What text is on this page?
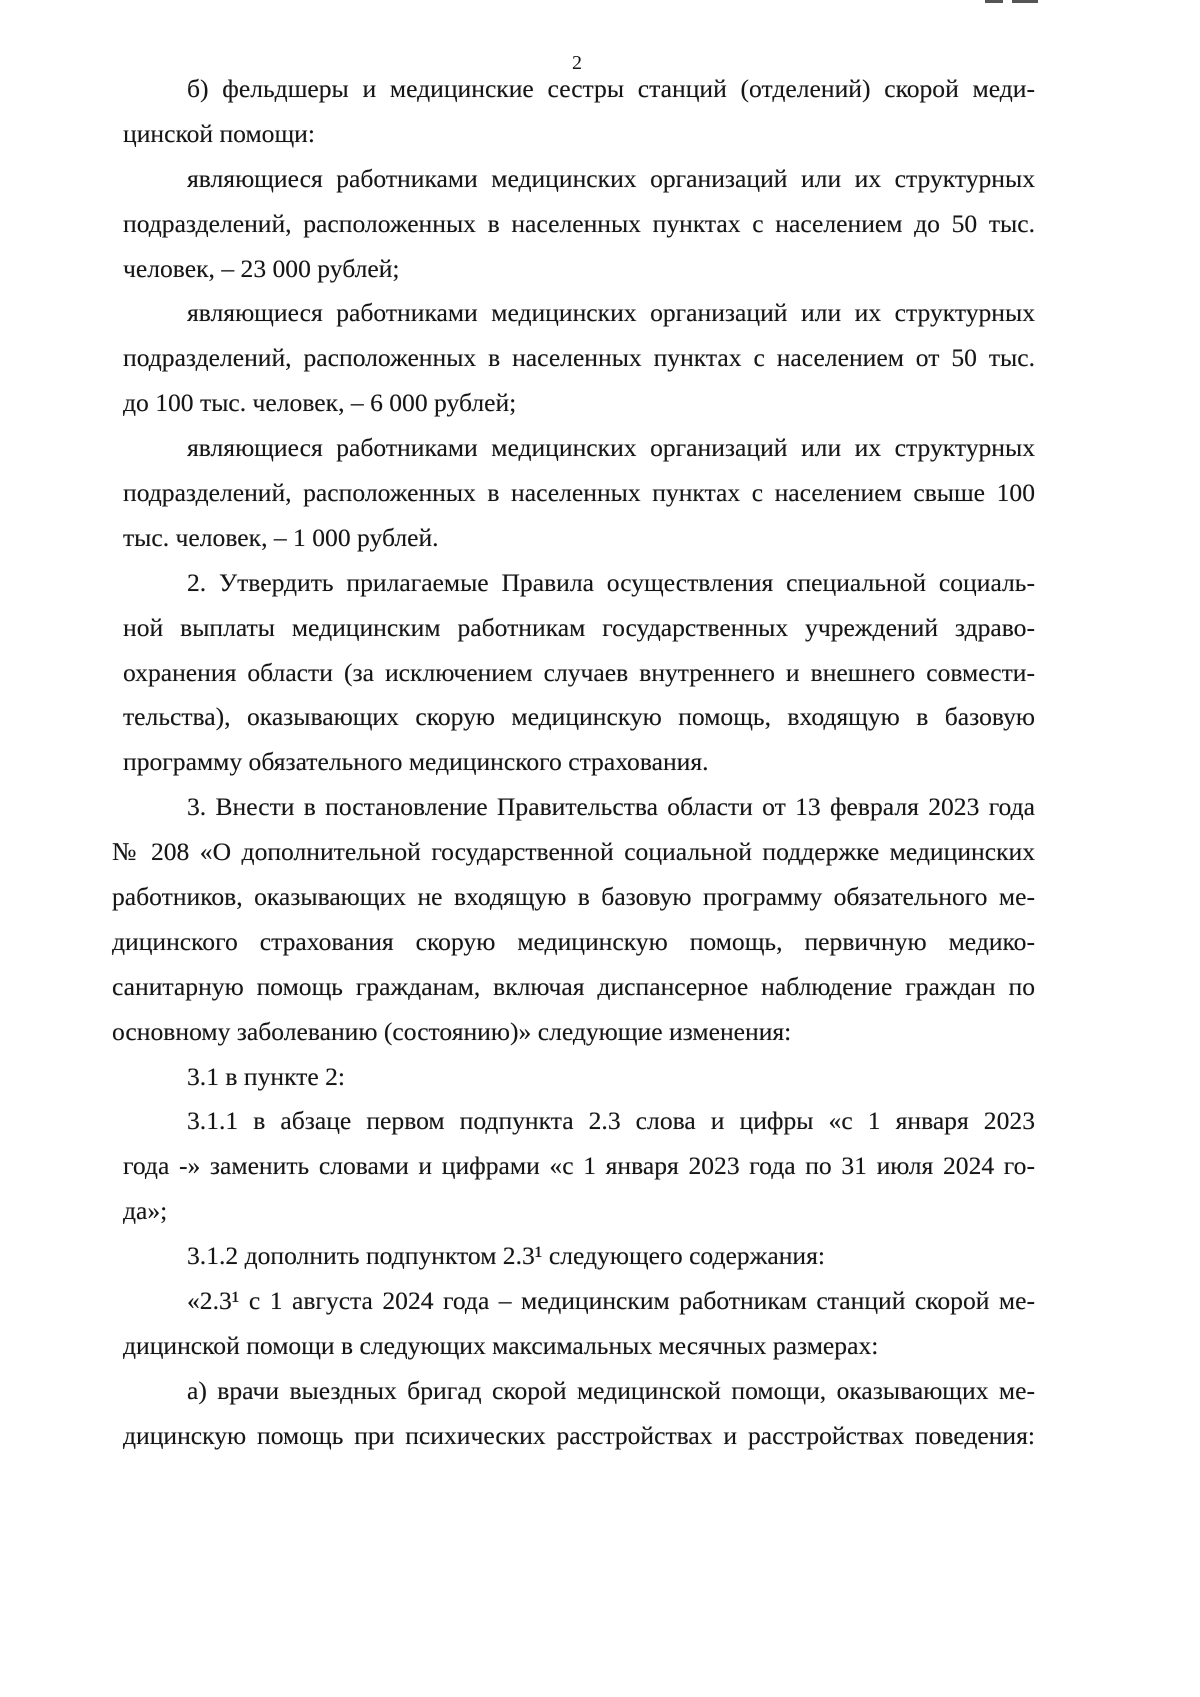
2
б) фельдшеры и медицинские сестры станций (отделений) скорой меди-
цинской помощи:
являющиеся работниками медицинских организаций или их структурных
подразделений, расположенных в населенных пунктах с населением до 50 тыс.
человек, – 23 000 рублей;
являющиеся работниками медицинских организаций или их структурных
подразделений, расположенных в населенных пунктах с населением от 50 тыс.
до 100 тыс. человек, – 6 000 рублей;
являющиеся работниками медицинских организаций или их структурных
подразделений, расположенных в населенных пунктах с населением свыше 100
тыс. человек, – 1 000 рублей.
2. Утвердить прилагаемые Правила осуществления специальной социаль-
ной выплаты медицинским работникам государственных учреждений здраво-
охранения области (за исключением случаев внутреннего и внешнего совмести-
тельства), оказывающих скорую медицинскую помощь, входящую в базовую
программу обязательного медицинского страхования.
3. Внести в постановление Правительства области от 13 февраля 2023 года
№ 208 «О дополнительной государственной социальной поддержке медицинских
работников, оказывающих не входящую в базовую программу обязательного ме-
дицинского страхования скорую медицинскую помощь, первичную медико-
санитарную помощь гражданам, включая диспансерное наблюдение граждан по
основному заболеванию (состоянию)» следующие изменения:
3.1 в пункте 2:
3.1.1 в абзаце первом подпункта 2.3 слова и цифры «с 1 января 2023
года -» заменить словами и цифрами «с 1 января 2023 года по 31 июля 2024 го-
да»;
3.1.2 дополнить подпунктом 2.3¹ следующего содержания:
«2.3¹ с 1 августа 2024 года – медицинским работникам станций скорой ме-
дицинской помощи в следующих максимальных месячных размерах:
а) врачи выездных бригад скорой медицинской помощи, оказывающих ме-
дицинскую помощь при психических расстройствах и расстройствах поведения:
